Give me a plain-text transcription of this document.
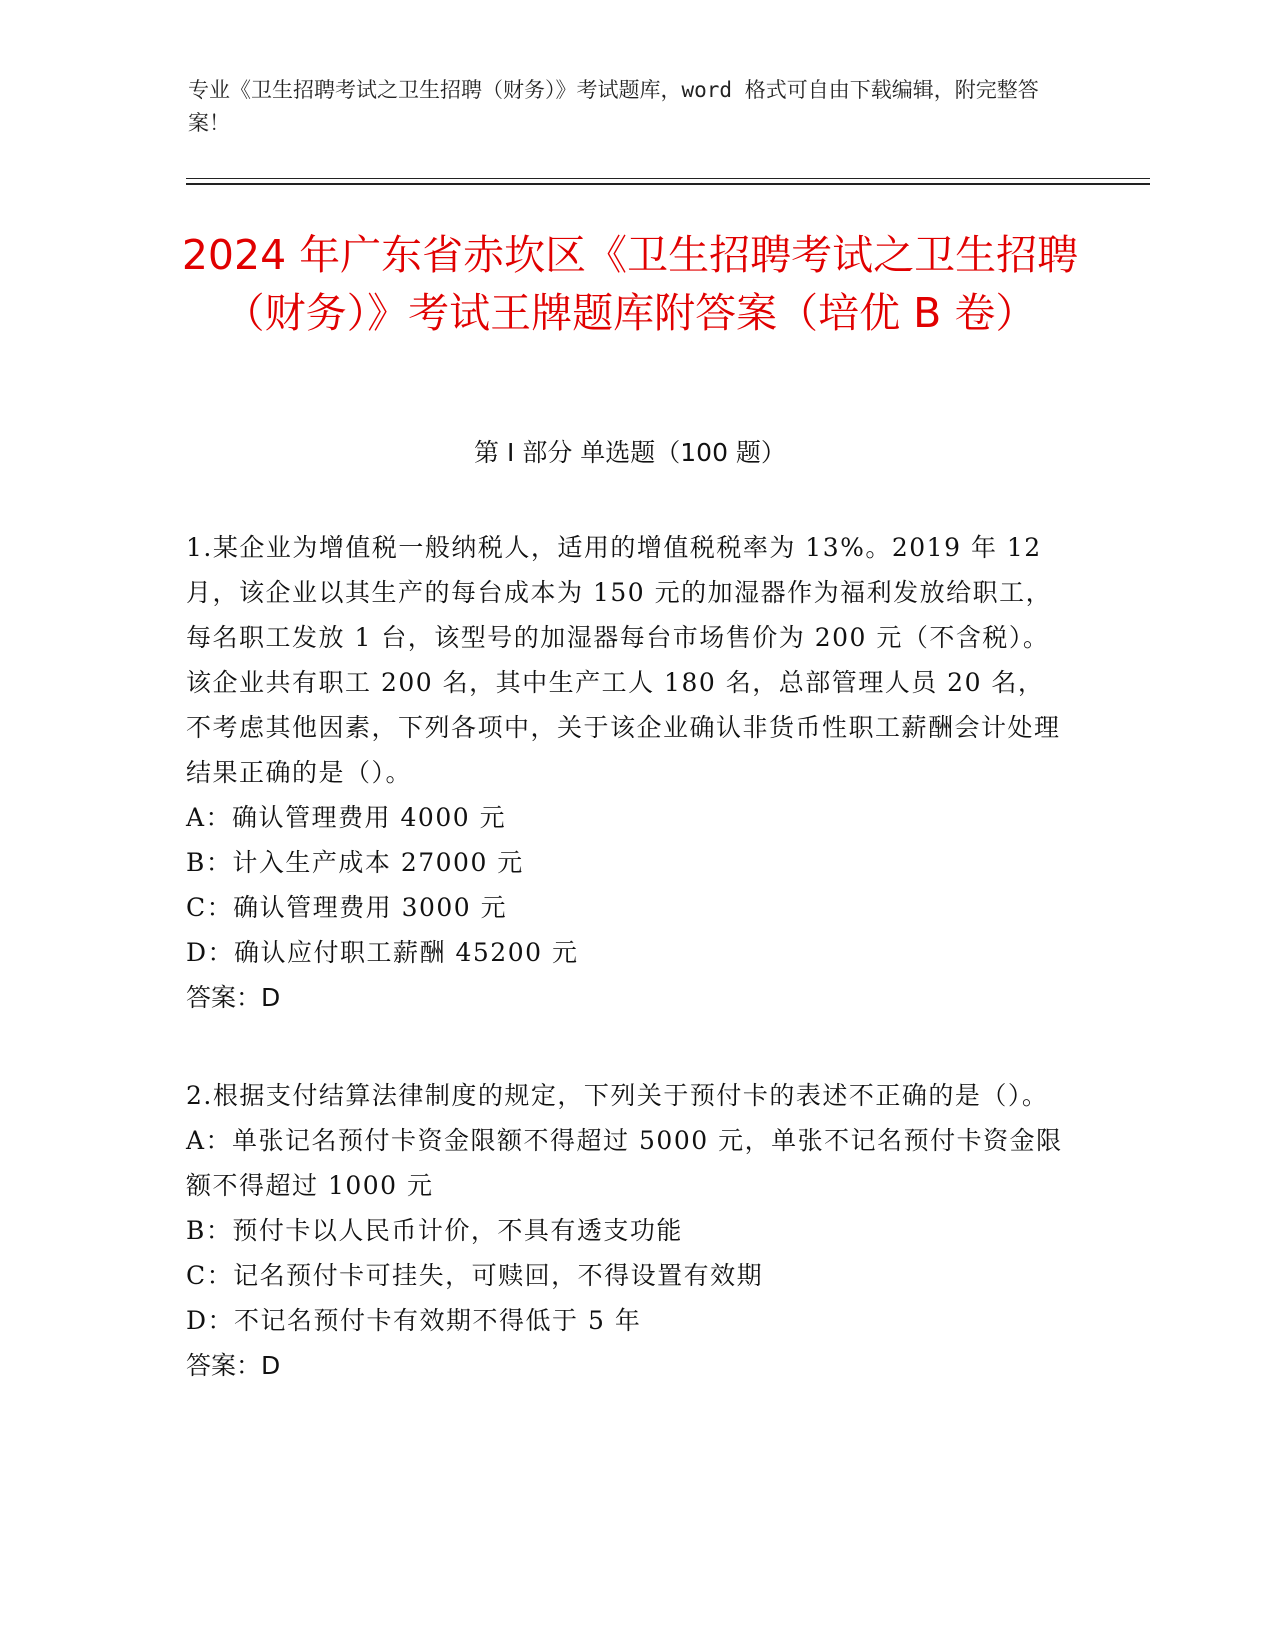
专业《卫生招聘考试之卫生招聘（财务）》考试题库，word 格式可自由下载编辑，附完整答案！
2024 年广东省赤坎区《卫生招聘考试之卫生招聘（财务）》考试王牌题库附答案（培优 B 卷）
第 I 部分 单选题（100 题）
1.某企业为增值税一般纳税人，适用的增值税税率为 13%。2019 年 12 月，该企业以其生产的每台成本为 150 元的加湿器作为福利发放给职工，每名职工发放 1 台，该型号的加湿器每台市场售价为 200 元（不含税）。该企业共有职工 200 名，其中生产工人 180 名，总部管理人员 20 名，不考虑其他因素，下列各项中，关于该企业确认非货币性职工薪酬会计处理结果正确的是（）。
A：确认管理费用 4000 元
B：计入生产成本 27000 元
C：确认管理费用 3000 元
D：确认应付职工薪酬 45200 元
答案：D
2.根据支付结算法律制度的规定，下列关于预付卡的表述不正确的是（）。
A：单张记名预付卡资金限额不得超过 5000 元，单张不记名预付卡资金限额不得超过 1000 元
B：预付卡以人民币计价，不具有透支功能
C：记名预付卡可挂失，可赎回，不得设置有效期
D：不记名预付卡有效期不得低于 5 年
答案：D
